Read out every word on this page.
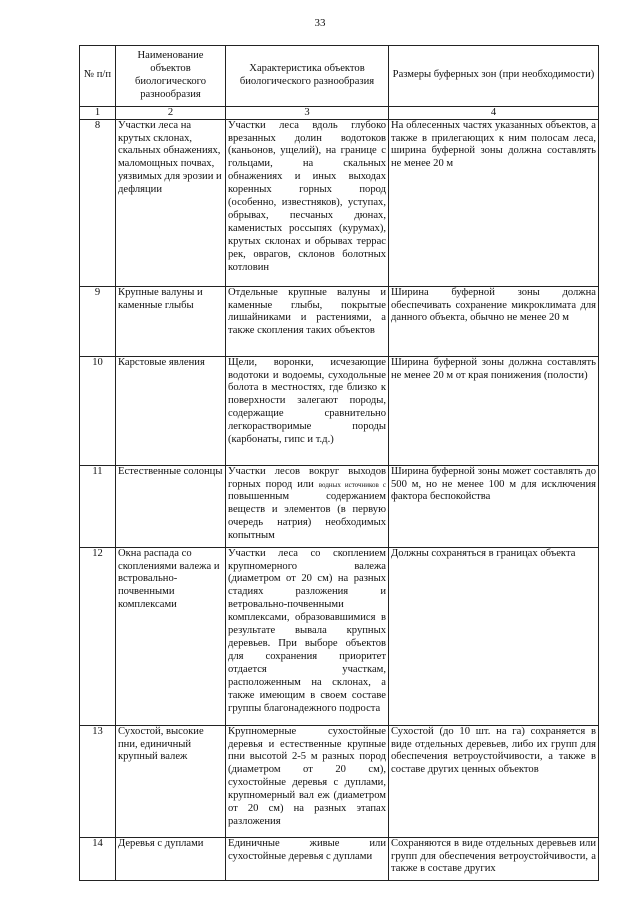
33
№ п/п	Наименование объектов биологического разнообразия	Характеристика объектов биологического разнообразия	Размеры буферных зон (при необходимости)
1	2	3	4
8	Участки леса на крутых склонах, скальных обнажениях, маломощных почвах, уязвимых для эрозии и дефляции	Участки леса вдоль глубоко врезанных долин водотоков (каньонов, ущелий), на границе с гольцами, на скальных обнажениях и иных выходах коренных горных пород (особенно, известняков), уступах, обрывах, песчаных дюнах, каменистых россыпях (курумах), крутых склонах и обрывах террас рек, оврагов, склонов болотных котловин	На облесенных частях указанных объектов, а также в прилегающих к ним полосам леса, ширина буферной зоны должна составлять не менее 20 м
9	Крупные валуны и каменные глыбы	Отдельные крупные валуны и каменные глыбы, покрытые лишайниками и растениями, а также скопления таких объектов	Ширина буферной зоны должна обеспечивать сохранение микроклимата для данного объекта, обычно не менее 20 м
10	Карстовые явления	Щели, воронки, исчезающие водотоки и водоемы, суходольные болота в местностях, где близко к поверхности залегают породы, содержащие сравнительно легкорастворимые породы (карбонаты, гипс и т.д.)	Ширина буферной зоны должна составлять не менее 20 м от края понижения (полости)
11	Естественные солонцы	Участки лесов вокруг выходов горных пород или водных источников с повышенным содержанием веществ и элементов (в первую очередь натрия) необходимых копытным	Ширина буферной зоны может составлять до 500 м, но не менее 100 м для исключения фактора беспокойства
12	Окна распада со скоплениями валежа и встровально-почвенными комплексами	Участки леса со скоплением крупномерного валежа (диаметром от 20 см) на разных стадиях разложения и ветровально-почвенными комплексами, образовавшимися в результате вывала крупных деревьев. При выборе объектов для сохранения приоритет отдается участкам, расположенным на склонах, а также имеющим в своем составе группы благонадежного подроста	Должны сохраняться в границах объекта
13	Сухостой, высокие пни, единичный крупный валеж	Крупномерные сухостойные деревья и естественные крупные пни высотой 2-5 м разных пород (диаметром от 20 см), сухостойные деревья с дуплами, крупномерный вал еж (диаметром от 20 см) на разных этапах разложения	Сухостой (до 10 шт. на га) сохраняется в виде отдельных деревьев, либо их групп для обеспечения ветроустойчивости, а также в составе других ценных объектов
14	Деревья с дуплами	Единичные живые или сухостойные деревья с дуплами	Сохраняются в виде отдельных деревьев или групп для обеспечения ветроустойчивости, а также в составе других
